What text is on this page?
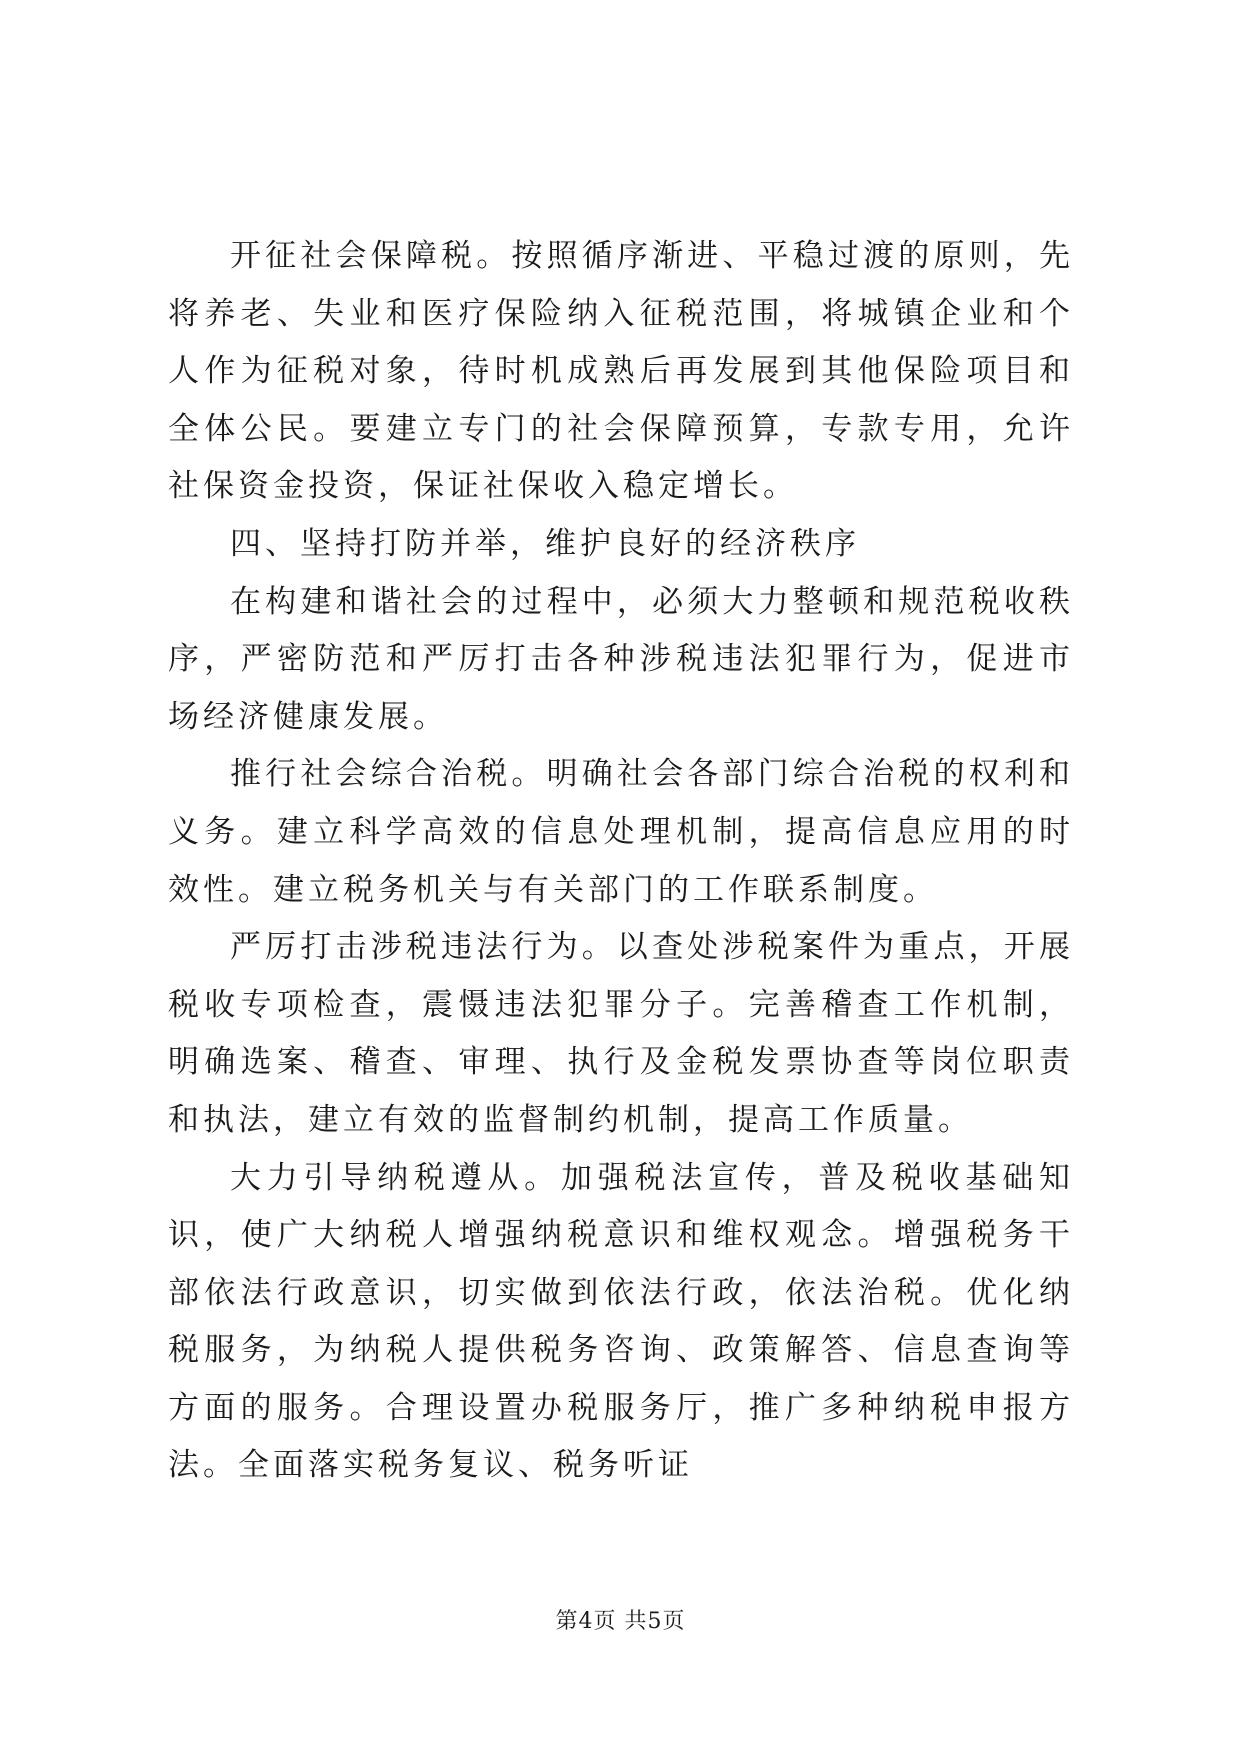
开征社会保障税。按照循序渐进、平稳过渡的原则，先将养老、失业和医疗保险纳入征税范围，将城镇企业和个人作为征税对象，待时机成熟后再发展到其他保险项目和全体公民。要建立专门的社会保障预算，专款专用，允许社保资金投资，保证社保收入稳定增长。

四、坚持打防并举，维护良好的经济秩序

在构建和谐社会的过程中，必须大力整顿和规范税收秩序，严密防范和严厉打击各种涉税违法犯罪行为，促进市场经济健康发展。

推行社会综合治税。明确社会各部门综合治税的权利和义务。建立科学高效的信息处理机制，提高信息应用的时效性。建立税务机关与有关部门的工作联系制度。

严厉打击涉税违法行为。以查处涉税案件为重点，开展税收专项检查，震慑违法犯罪分子。完善稽查工作机制，明确选案、稽查、审理、执行及金税发票协查等岗位职责和执法，建立有效的监督制约机制，提高工作质量。

大力引导纳税遵从。加强税法宣传，普及税收基础知识，使广大纳税人增强纳税意识和维权观念。增强税务干部依法行政意识，切实做到依法行政，依法治税。优化纳税服务，为纳税人提供税务咨询、政策解答、信息查询等方面的服务。合理设置办税服务厅，推广多种纳税申报方法。全面落实税务复议、税务听证

第4页 共5页
